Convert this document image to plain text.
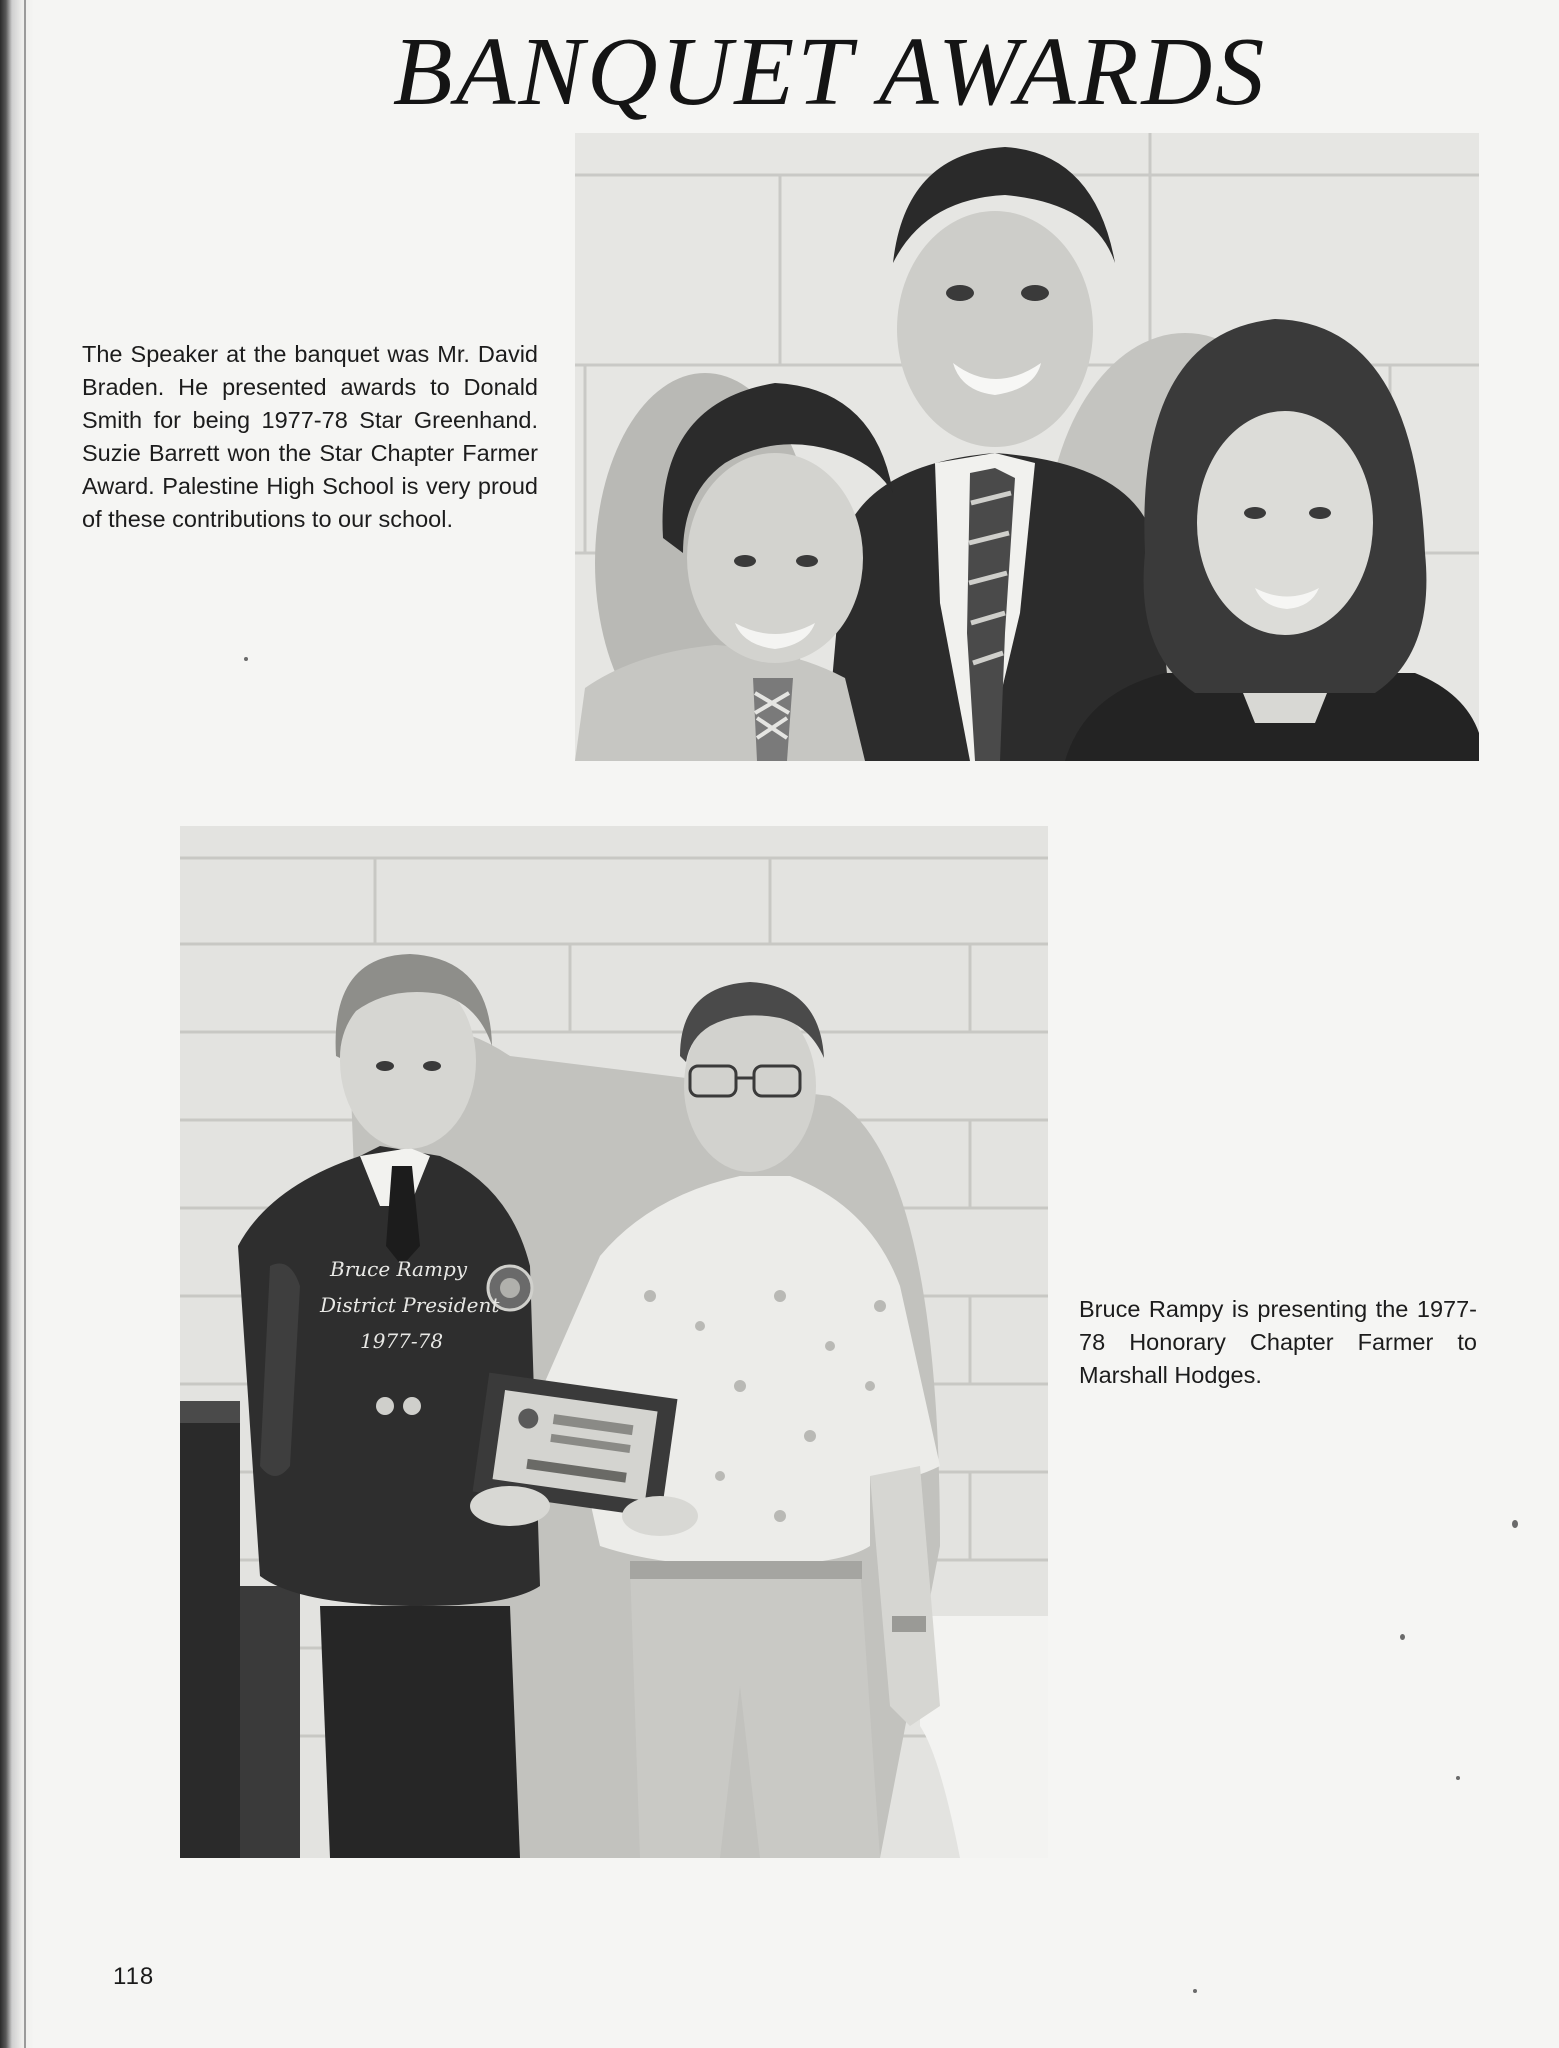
BANQUET AWARDS

The Speaker at the banquet was Mr. David Braden. He presented awards to Donald Smith for being 1977-78 Star Greenhand. Suzie Barrett won the Star Chapter Farmer Award. Palestine High School is very proud of these contributions to our school.

Bruce Rampy
District President
1977-78

Bruce Rampy is presenting the 1977-78 Honorary Chapter Farmer to Marshall Hodges.

118
